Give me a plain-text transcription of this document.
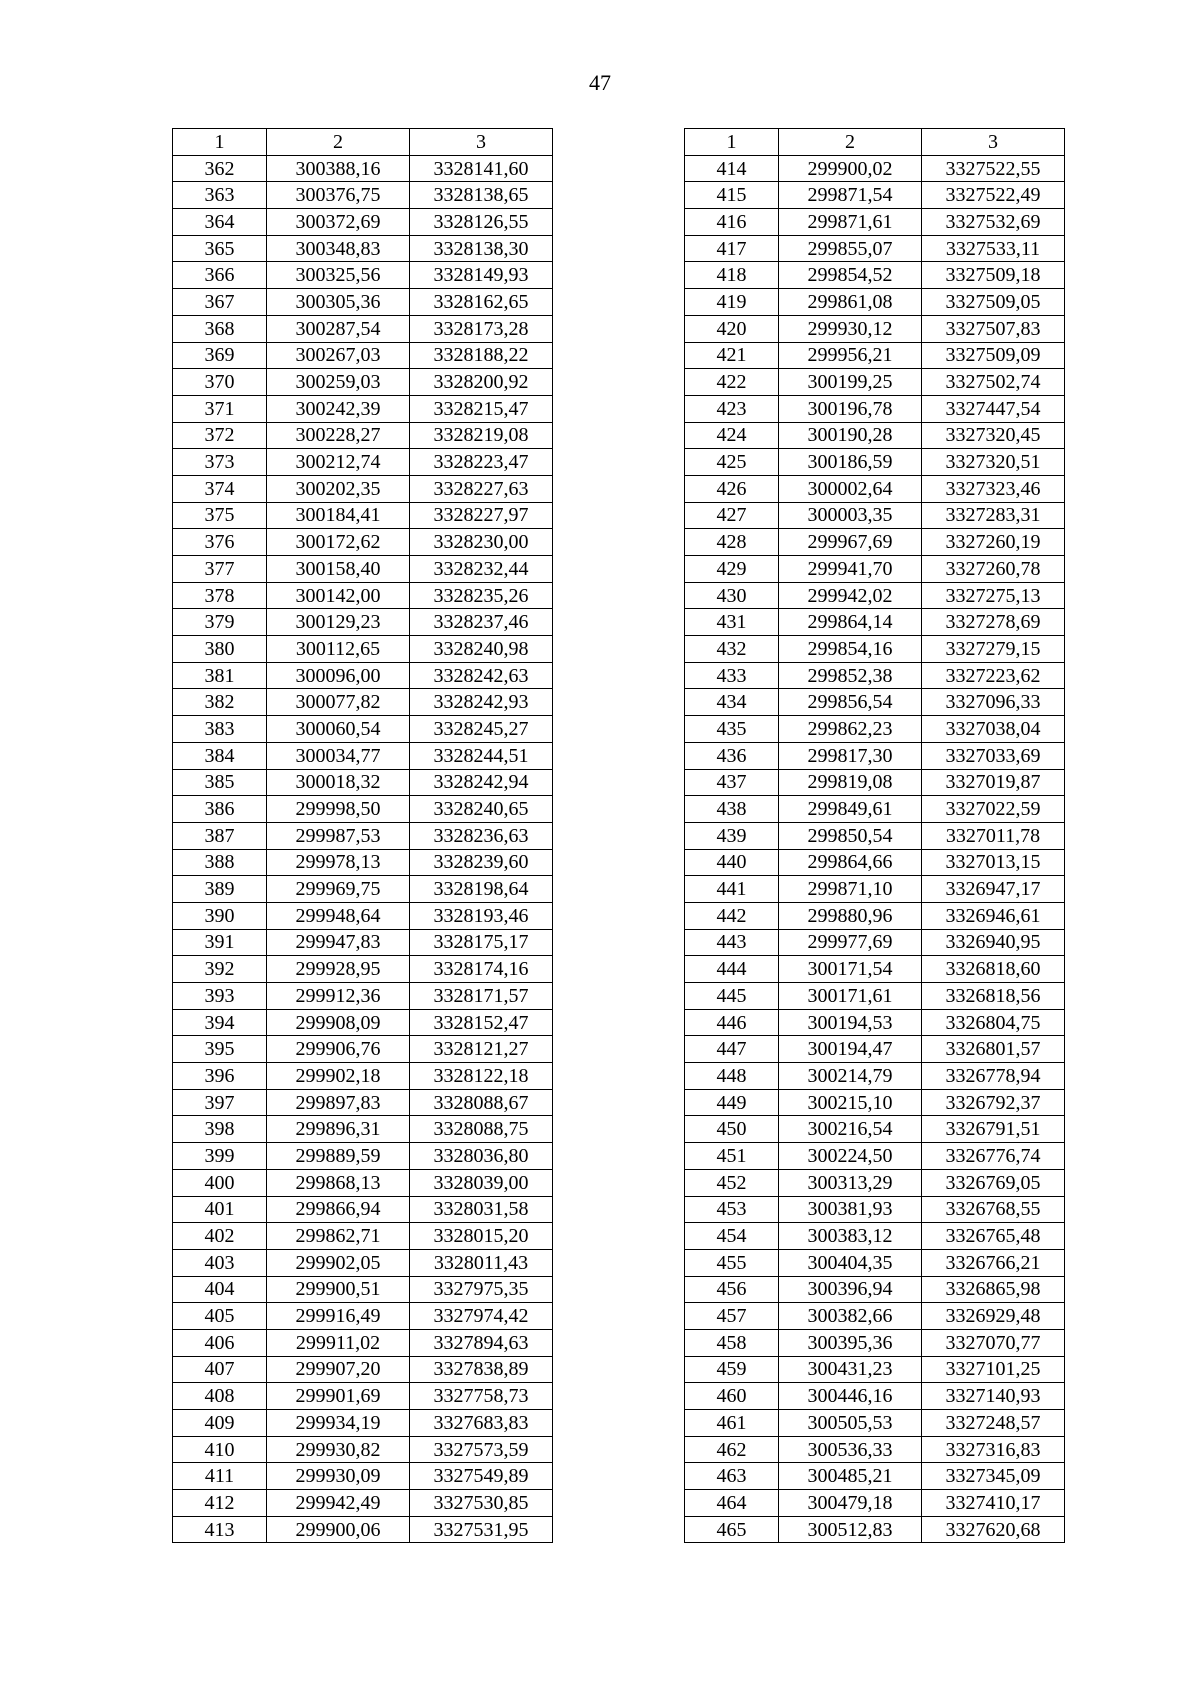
47
1	2	3
362	300388,16	3328141,60
363	300376,75	3328138,65
364	300372,69	3328126,55
365	300348,83	3328138,30
366	300325,56	3328149,93
367	300305,36	3328162,65
368	300287,54	3328173,28
369	300267,03	3328188,22
370	300259,03	3328200,92
371	300242,39	3328215,47
372	300228,27	3328219,08
373	300212,74	3328223,47
374	300202,35	3328227,63
375	300184,41	3328227,97
376	300172,62	3328230,00
377	300158,40	3328232,44
378	300142,00	3328235,26
379	300129,23	3328237,46
380	300112,65	3328240,98
381	300096,00	3328242,63
382	300077,82	3328242,93
383	300060,54	3328245,27
384	300034,77	3328244,51
385	300018,32	3328242,94
386	299998,50	3328240,65
387	299987,53	3328236,63
388	299978,13	3328239,60
389	299969,75	3328198,64
390	299948,64	3328193,46
391	299947,83	3328175,17
392	299928,95	3328174,16
393	299912,36	3328171,57
394	299908,09	3328152,47
395	299906,76	3328121,27
396	299902,18	3328122,18
397	299897,83	3328088,67
398	299896,31	3328088,75
399	299889,59	3328036,80
400	299868,13	3328039,00
401	299866,94	3328031,58
402	299862,71	3328015,20
403	299902,05	3328011,43
404	299900,51	3327975,35
405	299916,49	3327974,42
406	299911,02	3327894,63
407	299907,20	3327838,89
408	299901,69	3327758,73
409	299934,19	3327683,83
410	299930,82	3327573,59
411	299930,09	3327549,89
412	299942,49	3327530,85
413	299900,06	3327531,95
1	2	3
414	299900,02	3327522,55
415	299871,54	3327522,49
416	299871,61	3327532,69
417	299855,07	3327533,11
418	299854,52	3327509,18
419	299861,08	3327509,05
420	299930,12	3327507,83
421	299956,21	3327509,09
422	300199,25	3327502,74
423	300196,78	3327447,54
424	300190,28	3327320,45
425	300186,59	3327320,51
426	300002,64	3327323,46
427	300003,35	3327283,31
428	299967,69	3327260,19
429	299941,70	3327260,78
430	299942,02	3327275,13
431	299864,14	3327278,69
432	299854,16	3327279,15
433	299852,38	3327223,62
434	299856,54	3327096,33
435	299862,23	3327038,04
436	299817,30	3327033,69
437	299819,08	3327019,87
438	299849,61	3327022,59
439	299850,54	3327011,78
440	299864,66	3327013,15
441	299871,10	3326947,17
442	299880,96	3326946,61
443	299977,69	3326940,95
444	300171,54	3326818,60
445	300171,61	3326818,56
446	300194,53	3326804,75
447	300194,47	3326801,57
448	300214,79	3326778,94
449	300215,10	3326792,37
450	300216,54	3326791,51
451	300224,50	3326776,74
452	300313,29	3326769,05
453	300381,93	3326768,55
454	300383,12	3326765,48
455	300404,35	3326766,21
456	300396,94	3326865,98
457	300382,66	3326929,48
458	300395,36	3327070,77
459	300431,23	3327101,25
460	300446,16	3327140,93
461	300505,53	3327248,57
462	300536,33	3327316,83
463	300485,21	3327345,09
464	300479,18	3327410,17
465	300512,83	3327620,68
